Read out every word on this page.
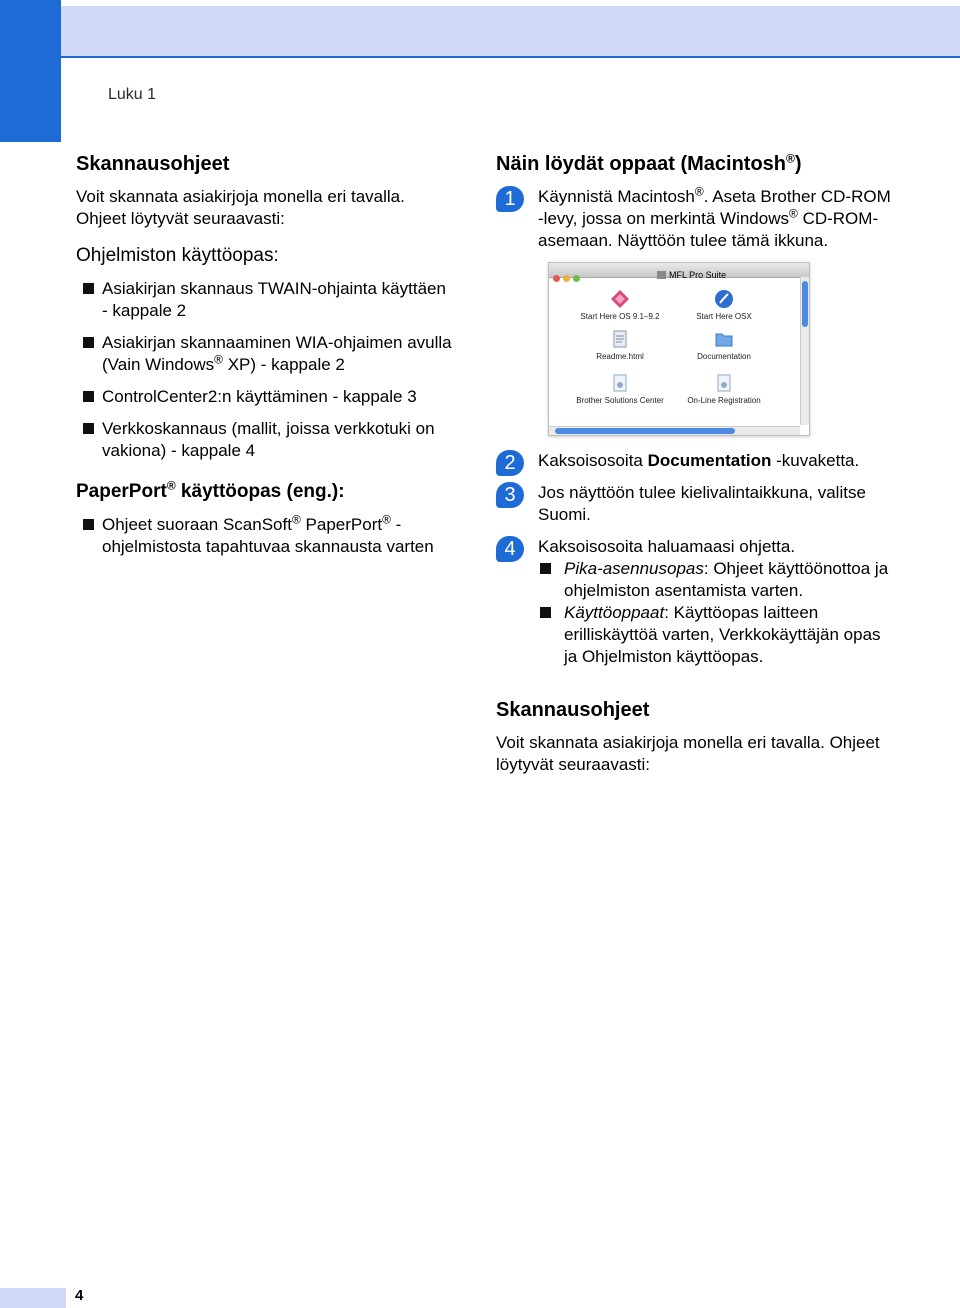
Luku 1
Skannausohjeet

Voit skannata asiakirjoja monella eri tavalla. Ohjeet löytyvät seuraavasti:

Ohjelmiston käyttöopas:
Asiakirjan skannaus TWAIN-ohjainta käyttäen - kappale 2
Asiakirjan skannaaminen WIA-ohjaimen avulla (Vain Windows® XP) - kappale 2
ControlCenter2:n käyttäminen - kappale 3
Verkkoskannaus (mallit, joissa verkkotuki on vakiona) - kappale 4
PaperPort® käyttöopas (eng.):
Ohjeet suoraan ScanSoft® PaperPort® -ohjelmistosta tapahtuvaa skannausta varten
Näin löydät oppaat (Macintosh®)
1	Käynnistä Macintosh®. Aseta Brother CD-ROM -levy, jossa on merkintä Windows® CD-ROM-asemaan. Näyttöön tulee tämä ikkuna.
MFL Pro Suite
Start Here OS 9.1–9.2	Start Here OSX
Readme.html	Documentation
Brother Solutions Center	On-Line Registration
2	Kaksoisosoita Documentation -kuvaketta.
3	Jos näyttöön tulee kielivalintaikkuna, valitse Suomi.
4	Kaksoisosoita haluamaasi ohjetta.
Pika-asennusopas: Ohjeet käyttöönottoa ja ohjelmiston asentamista varten.
Käyttöoppaat: Käyttöopas laitteen erilliskäyttöä varten, Verkkokäyttäjän opas ja Ohjelmiston käyttöopas.
Skannausohjeet

Voit skannata asiakirjoja monella eri tavalla. Ohjeet löytyvät seuraavasti:

4
